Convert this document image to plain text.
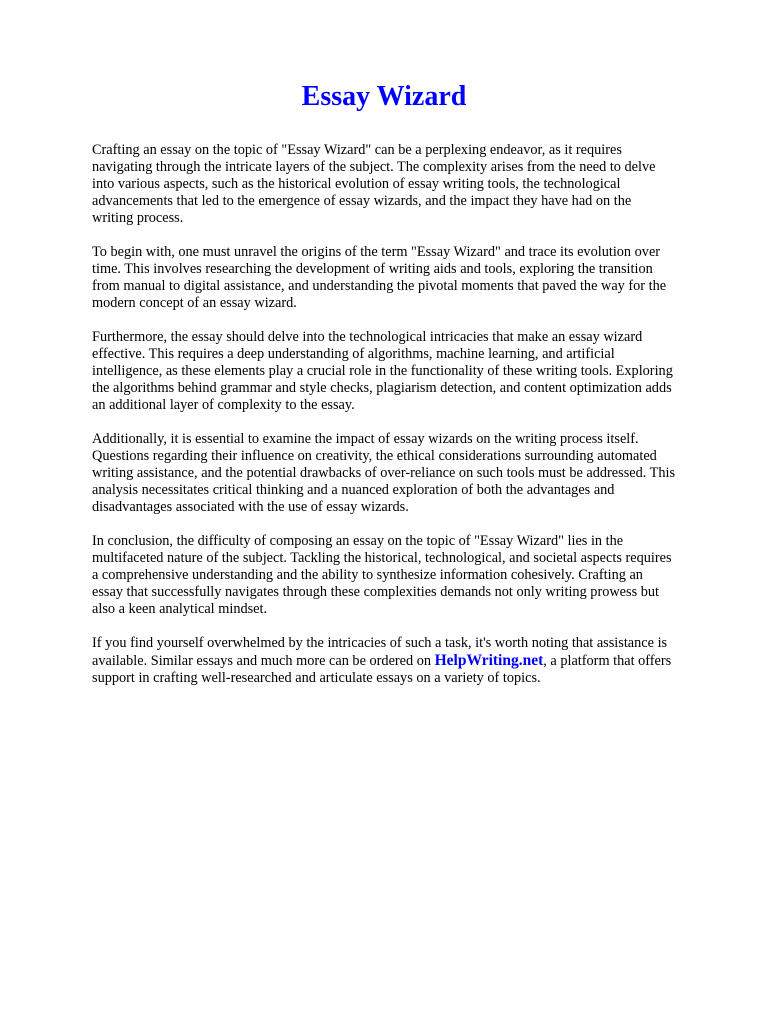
Essay Wizard

Crafting an essay on the topic of "Essay Wizard" can be a perplexing endeavor, as it requires navigating through the intricate layers of the subject. The complexity arises from the need to delve into various aspects, such as the historical evolution of essay writing tools, the technological advancements that led to the emergence of essay wizards, and the impact they have had on the writing process.

To begin with, one must unravel the origins of the term "Essay Wizard" and trace its evolution over time. This involves researching the development of writing aids and tools, exploring the transition from manual to digital assistance, and understanding the pivotal moments that paved the way for the modern concept of an essay wizard.

Furthermore, the essay should delve into the technological intricacies that make an essay wizard effective. This requires a deep understanding of algorithms, machine learning, and artificial intelligence, as these elements play a crucial role in the functionality of these writing tools. Exploring the algorithms behind grammar and style checks, plagiarism detection, and content optimization adds an additional layer of complexity to the essay.

Additionally, it is essential to examine the impact of essay wizards on the writing process itself. Questions regarding their influence on creativity, the ethical considerations surrounding automated writing assistance, and the potential drawbacks of over-reliance on such tools must be addressed. This analysis necessitates critical thinking and a nuanced exploration of both the advantages and disadvantages associated with the use of essay wizards.

In conclusion, the difficulty of composing an essay on the topic of "Essay Wizard" lies in the multifaceted nature of the subject. Tackling the historical, technological, and societal aspects requires a comprehensive understanding and the ability to synthesize information cohesively. Crafting an essay that successfully navigates through these complexities demands not only writing prowess but also a keen analytical mindset.

If you find yourself overwhelmed by the intricacies of such a task, it's worth noting that assistance is available. Similar essays and much more can be ordered on HelpWriting.net, a platform that offers support in crafting well-researched and articulate essays on a variety of topics.
